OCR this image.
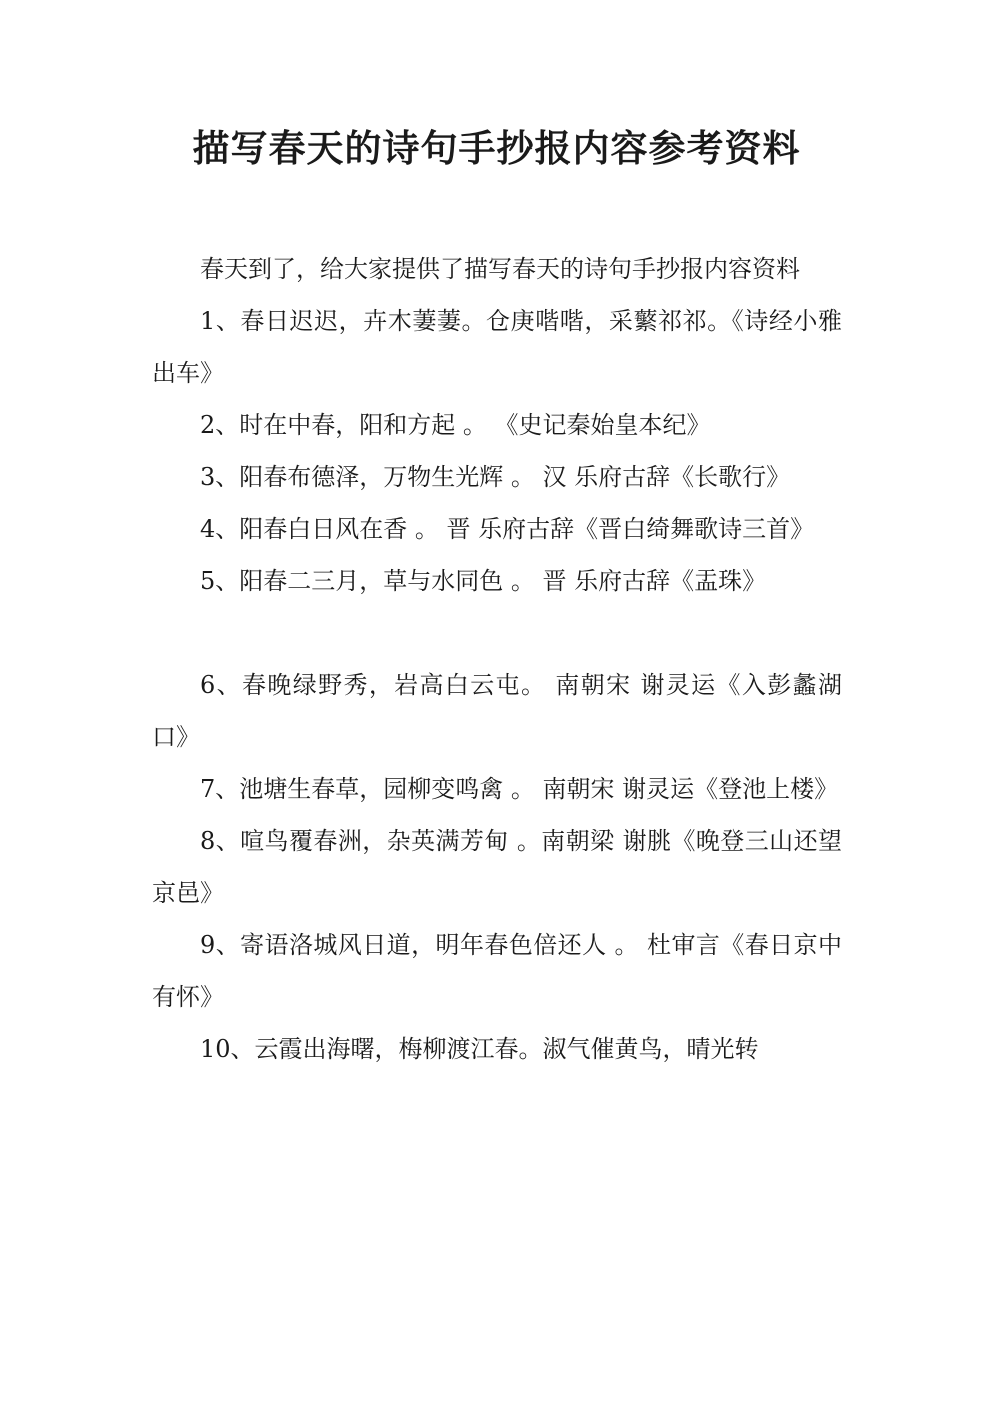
描写春天的诗句手抄报内容参考资料

春天到了，给大家提供了描写春天的诗句手抄报内容资料

1、春日迟迟，卉木萋萋。仓庚喈喈，采蘩祁祁。《诗经小雅出车》

2、时在中春，阳和方起 。 《史记秦始皇本纪》

3、阳春布德泽，万物生光辉 。 汉 乐府古辞《长歌行》

4、阳春白日风在香 。 晋 乐府古辞《晋白绮舞歌诗三首》

5、阳春二三月，草与水同色 。 晋 乐府古辞《盂珠》

6、春晚绿野秀，岩高白云屯。 南朝宋 谢灵运《入彭蠡湖口》

7、池塘生春草，园柳变鸣禽 。 南朝宋 谢灵运《登池上楼》

8、喧鸟覆春洲，杂英满芳甸 。南朝梁 谢朓《晚登三山还望京邑》

9、寄语洛城风日道，明年春色倍还人 。 杜审言《春日京中有怀》

10、云霞出海曙，梅柳渡江春。淑气催黄鸟，晴光转
